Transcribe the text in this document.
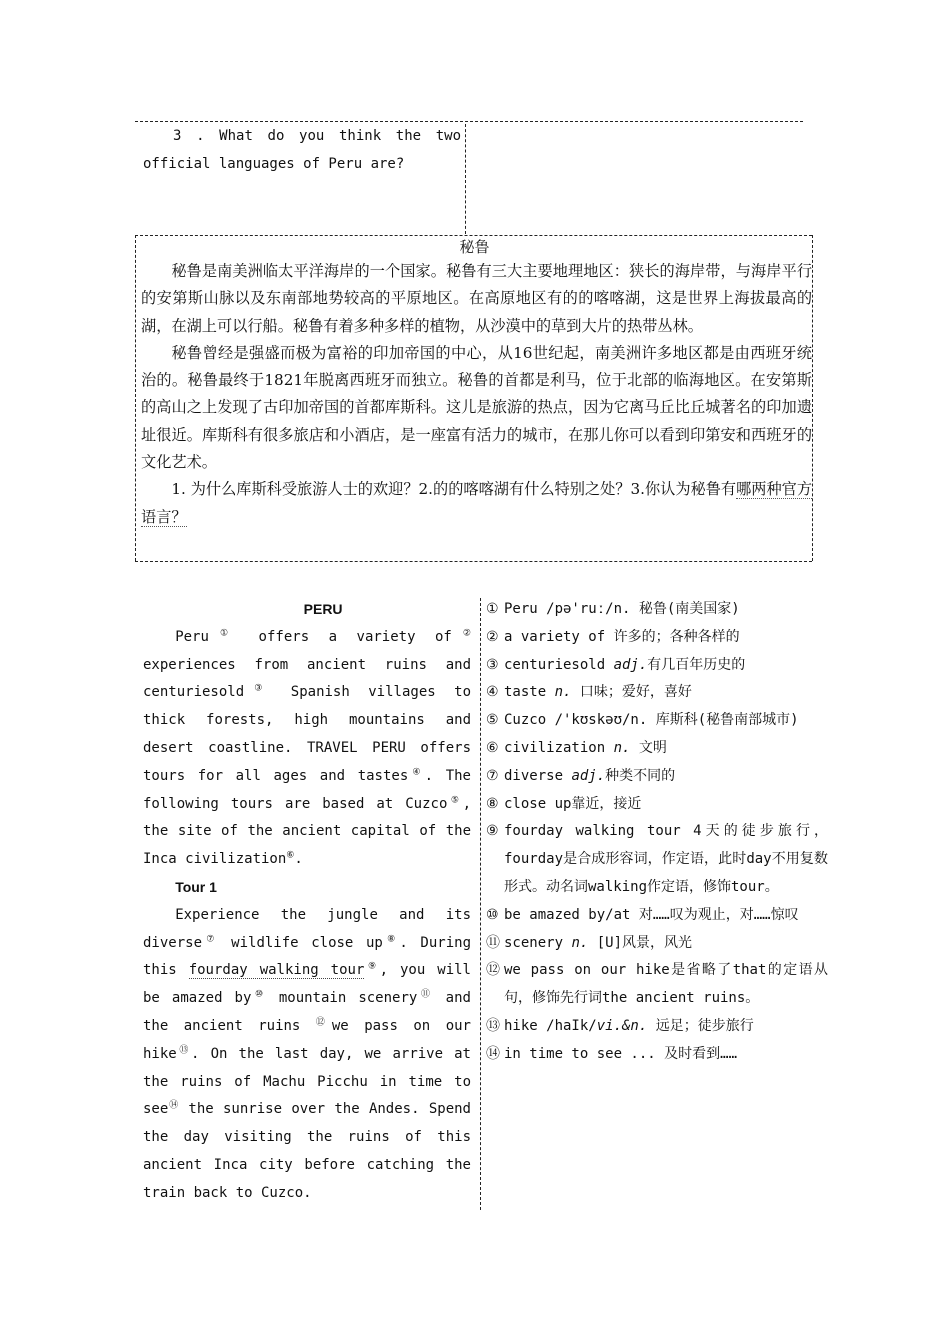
3 . What do you think the two
official languages of Peru are?

秘鲁

秘鲁是南美洲临太平洋海岸的一个国家。秘鲁有三大主要地理地区：狭长的海岸带，与海岸平行的安第斯山脉以及东南部地势较高的平原地区。在高原地区有的的喀喀湖，这是世界上海拔最高的湖，在湖上可以行船。秘鲁有着多种多样的植物，从沙漠中的草到大片的热带丛林。

秘鲁曾经是强盛而极为富裕的印加帝国的中心，从16世纪起，南美洲许多地区都是由西班牙统治的。秘鲁最终于1821年脱离西班牙而独立。秘鲁的首都是利马，位于北部的临海地区。在安第斯的高山之上发现了古印加帝国的首都库斯科。这儿是旅游的热点，因为它离马丘比丘城著名的印加遗址很近。库斯科有很多旅店和小酒店，是一座富有活力的城市，在那儿你可以看到印第安和西班牙的文化艺术。

1. 为什么库斯科受旅游人士的欢迎？2.的的喀喀湖有什么特别之处？3.你认为秘鲁有哪两种官方语言？

PERU

Peru① offers a variety of② experiences from ancient ruins and centuriesold③ Spanish villages to thick forests, high mountains and desert coastline. TRAVEL PERU offers tours for all ages and tastes④. The following tours are based at Cuzco⑤, the site of the ancient capital of the Inca civilization⑥.

Tour 1

Experience the jungle and its diverse⑦ wildlife close up⑧. During this fourday walking tour⑨, you will be amazed by⑩ mountain scenery⑪ and the ancient ruins ⑫we pass on our hike⑬. On the last day, we arrive at the ruins of Machu Picchu in time to see⑭ the sunrise over the Andes. Spend the day visiting the ruins of this ancient Inca city before catching the train back to Cuzco.

① Peru /pə'ruː/n. 秘鲁(南美国家)
② a variety of 许多的；各种各样的
③ centuriesold adj.有几百年历史的
④ taste n. 口味；爱好，喜好
⑤ Cuzco /'kʊskəʊ/n. 库斯科(秘鲁南部城市)
⑥ civilization n. 文明
⑦ diverse adj.种类不同的
⑧ close up靠近，接近
⑨ fourday walking tour 4天的徒步旅行，fourday是合成形容词，作定语，此时day不用复数形式。动名词walking作定语，修饰tour。
⑩ be amazed by/at 对……叹为观止，对……惊叹
⑪ scenery n. [U]风景，风光
⑫ we pass on our hike是省略了that的定语从句，修饰先行词the ancient ruins。
⑬ hike /haIk/vi.&n. 远足；徒步旅行
⑭ in time to see ... 及时看到……
